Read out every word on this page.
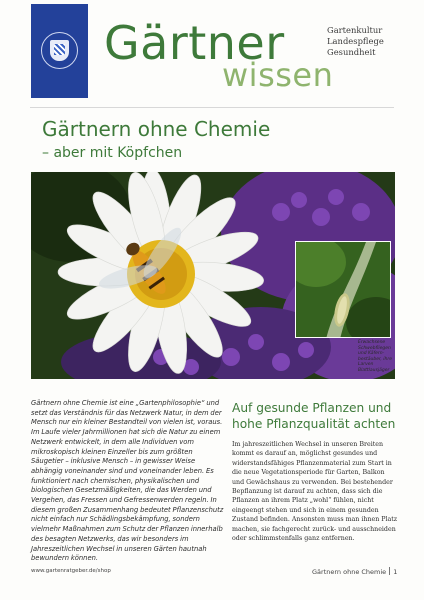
Gärtner
wissen
Gartenkultur
Landespflege
Gesundheit
Gärtnern ohne Chemie
– aber mit Köpfchen
Erwachsene Schwebfliegen und Käfern-bestäuber, ihre Larven Blattlausjäger
Gärtnern ohne Chemie ist eine „Gartenphilosophie“ und setzt das Verständnis für das Netzwerk Natur, in dem der Mensch nur ein kleiner Bestandteil von vielen ist, voraus. Im Laufe vieler Jahrmillionen hat sich die Natur zu einem Netzwerk entwickelt, in dem alle Individuen vom mikroskopisch kleinen Einzeller bis zum größten Säugetier – inklusive Mensch – in gewisser Weise abhängig voneinander sind und voneinander leben. Es funktioniert nach chemischen, physikalischen und biologischen Gesetzmäßigkeiten, die das Werden und Vergehen, das Fressen und Gefressenwerden regeln. In diesem großen Zusammenhang bedeutet Pflanzenschutz nicht einfach nur Schädlingsbekämpfung, sondern vielmehr Maßnahmen zum Schutz der Pflanzen innerhalb des besagten Netzwerks, das wir besonders im Jahreszeitlichen Wechsel in unseren Gärten hautnah bewundern können.
Auf gesunde Pflanzen und hohe Pflanzqualität achten

Im jahreszeitlichen Wechsel in unseren Breiten kommt es darauf an, möglichst gesundes und widerstandsfähiges Pflanzenmaterial zum Start in die neue Vegetationsperiode für Garten, Balkon und Gewächshaus zu verwenden. Bei bestehender Bepflanzung ist darauf zu achten, dass sich die Pflanzen an ihrem Platz „wohl“ fühlen, nicht eingeengt stehen und sich in einem gesunden Zustand befinden. Ansonsten muss man ihnen Platz machen, sie fachgerecht zurück- und ausschneiden oder schlimmstenfalls ganz entfernen.

www.gartenratgeber.de/shop	Gärtnern ohne Chemie 1
